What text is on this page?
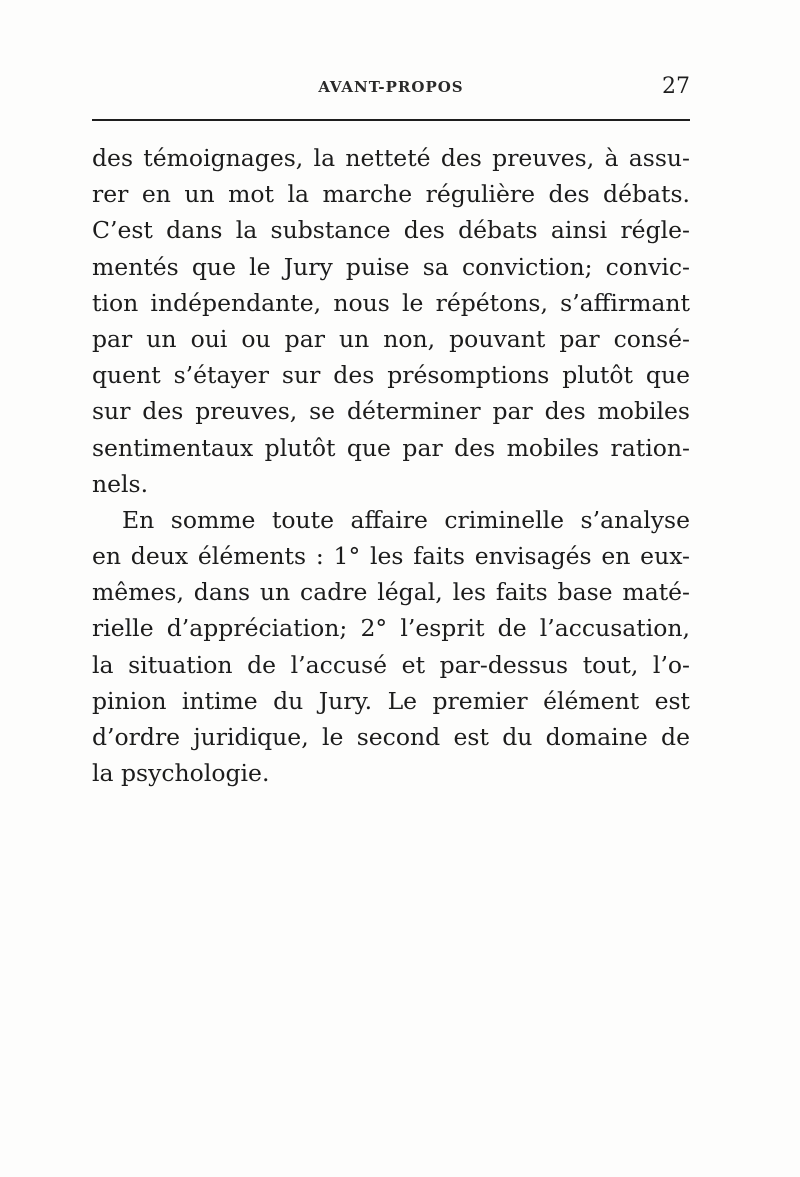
AVANT-PROPOS	27
des témoignages, la netteté des preuves, à assu-
rer en un mot la marche régulière des débats.
C’est dans la substance des débats ainsi régle-
mentés que le Jury puise sa conviction; convic-
tion indépendante, nous le répétons, s’affirmant
par un oui ou par un non, pouvant par consé-
quent s’étayer sur des présomptions plutôt que
sur des preuves, se déterminer par des mobiles
sentimentaux plutôt que par des mobiles ration-
nels.
En somme toute affaire criminelle s’analyse
en deux éléments : 1° les faits envisagés en eux-
mêmes, dans un cadre légal, les faits base maté-
rielle d’appréciation; 2° l’esprit de l’accusation,
la situation de l’accusé et par-dessus tout, l’o-
pinion intime du Jury. Le premier élément est
d’ordre juridique, le second est du domaine de
la psychologie.
